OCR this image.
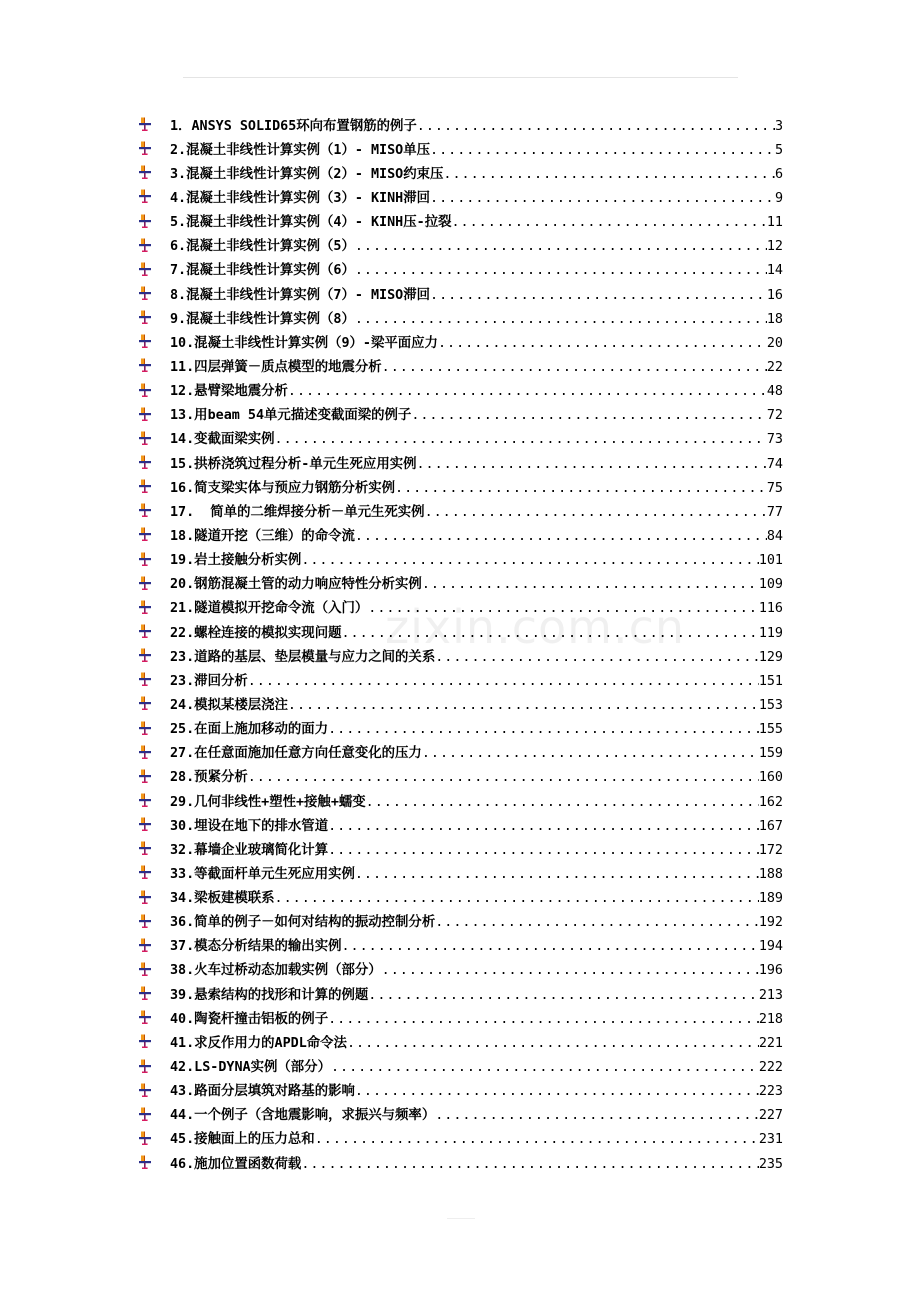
zixin.com.cn
1．ANSYS SOLID65环向布置钢筋的例子 .....	3
2.混凝土非线性计算实例（1）- MISO单压 .....	5
3.混凝土非线性计算实例（2）- MISO约束压 .....	6
4.混凝土非线性计算实例（3）- KINH滞回 .....	9
5.混凝土非线性计算实例（4）- KINH压-拉裂 .....	11
6.混凝土非线性计算实例（5） .....	12
7.混凝土非线性计算实例（6） .....	14
8.混凝土非线性计算实例（7）- MISO滞回 .....	16
9.混凝土非线性计算实例（8） .....	18
10.混凝土非线性计算实例（9）-梁平面应力 .....	20
11.四层弹簧－质点模型的地震分析 .....	22
12.悬臂梁地震分析 .....	48
13.用beam 54单元描述变截面梁的例子 .....	72
14.变截面梁实例 .....	73
15.拱桥浇筑过程分析-单元生死应用实例 .....	74
16.简支梁实体与预应力钢筋分析实例 .....	75
17.  简单的二维焊接分析－单元生死实例 .....	77
18.隧道开挖（三维）的命令流 .....	84
19.岩土接触分析实例 .....	101
20.钢筋混凝土管的动力响应特性分析实例 .....	109
21.隧道模拟开挖命令流（入门） .....	116
22.螺栓连接的模拟实现问题 .....	119
23.道路的基层、垫层模量与应力之间的关系 .....	129
23.滞回分析 .....	151
24.模拟某楼层浇注 .....	153
25.在面上施加移动的面力 .....	155
27.在任意面施加任意方向任意变化的压力 .....	159
28.预紧分析 .....	160
29.几何非线性+塑性+接触+蠕变 .....	162
30.埋设在地下的排水管道 .....	167
32.幕墙企业玻璃简化计算 .....	172
33.等截面杆单元生死应用实例 .....	188
34.梁板建模联系 .....	189
36.简单的例子－如何对结构的振动控制分析 .....	192
37.模态分析结果的输出实例 .....	194
38.火车过桥动态加载实例（部分） .....	196
39.悬索结构的找形和计算的例题 .....	213
40.陶瓷杆撞击铝板的例子 .....	218
41.求反作用力的APDL命令法 .....	221
42.LS-DYNA实例（部分） .....	222
43.路面分层填筑对路基的影响 .....	223
44.一个例子（含地震影响，求振兴与频率） .....	227
45.接触面上的压力总和 .....	231
46.施加位置函数荷载 .....	235
